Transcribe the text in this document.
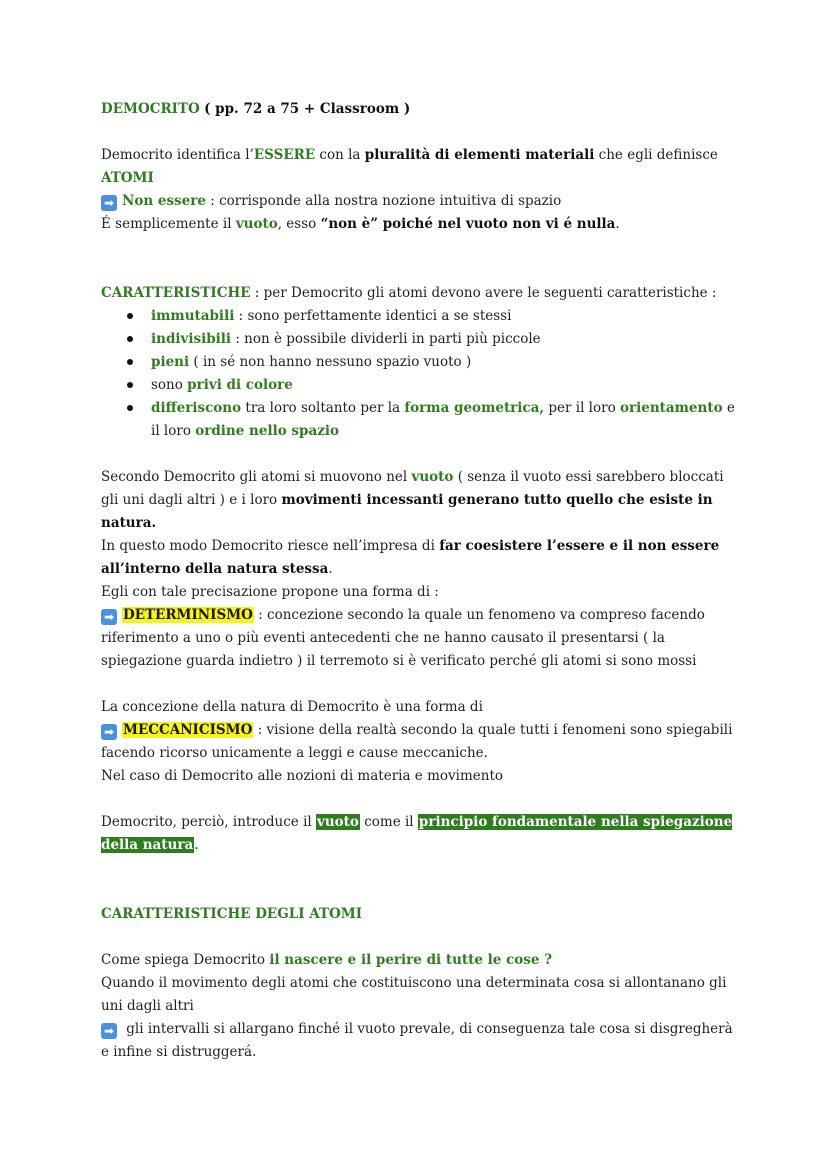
DEMOCRITO ( pp. 72 a 75 + Classroom )

Democrito identifica l’ESSERE con la pluralità di elementi materiali che egli definisce ATOMI

➡ Non essere : corrisponde alla nostra nozione intuitiva di spazio

É semplicemente il vuoto, esso “non è” poiché nel vuoto non vi é nulla.

CARATTERISTICHE : per Democrito gli atomi devono avere le seguenti caratteristiche :

immutabili : sono perfettamente identici a se stessi
indivisibili : non è possibile dividerli in parti più piccole
pieni ( in sé non hanno nessuno spazio vuoto )
sono privi di colore
differiscono tra loro soltanto per la forma geometrica, per il loro orientamento e il loro ordine nello spazio

Secondo Democrito gli atomi si muovono nel vuoto ( senza il vuoto essi sarebbero bloccati gli uni dagli altri ) e i loro movimenti incessanti generano tutto quello che esiste in natura.

In questo modo Democrito riesce nell’impresa di far coesistere l’essere e il non essere all’interno della natura stessa.

Egli con tale precisazione propone una forma di :

➡ DETERMINISMO : concezione secondo la quale un fenomeno va compreso facendo riferimento a uno o più eventi antecedenti che ne hanno causato il presentarsi ( la spiegazione guarda indietro ) il terremoto si è verificato perché gli atomi si sono mossi

La concezione della natura di Democrito è una forma di

➡ MECCANICISMO : visione della realtà secondo la quale tutti i fenomeni sono spiegabili facendo ricorso unicamente a leggi e cause meccaniche.

Nel caso di Democrito alle nozioni di materia e movimento

Democrito, perciò, introduce il vuoto come il principio fondamentale nella spiegazione della natura.

CARATTERISTICHE DEGLI ATOMI

Come spiega Democrito il nascere e il perire di tutte le cose ?

Quando il movimento degli atomi che costituiscono una determinata cosa si allontanano gli uni dagli altri

➡ gli intervalli si allargano finché il vuoto prevale, di conseguenza tale cosa si disgregherà e infine si distruggerá.
